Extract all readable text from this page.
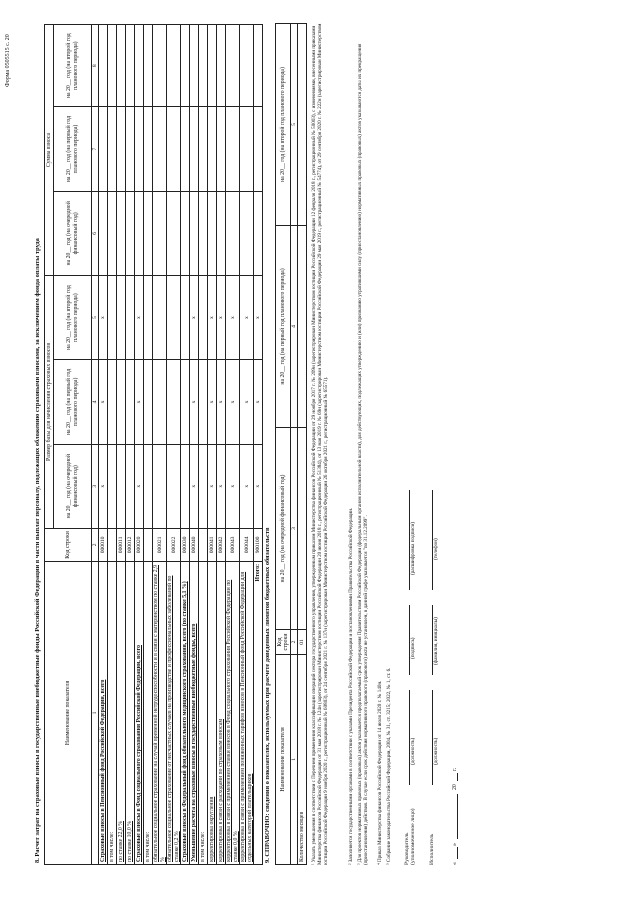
Форма 0505515 с. 20
8. Расчет затрат на страховые взносы в государственные внебюджетные фонды Российской Федерации в части выплат персоналу, подлежащих обложению страховыми взносами, за исключением фонда оплаты труда	Наименование показателя	Код строки	Размер базы для начисления страховых взносов			Сумма взноса		
		на 20__ год (на очередной финансовый год)	на 20__ год (на первый год планового периода)	на 20__ год (на второй год планового периода)	на 20__ год (на очередной финансовый год)	на 20__ год (на первый год планового периода)	на 20__ год (на второй год планового периода)
1	2	3	4	5	6	7	8
Страховые взносы в Пенсионный фонд Российской Федерации, всего	000010	x	x	x			
в том числе:							
по ставке 22,0 %	000011						
по ставке 10,0 %	000012						
Страховые взносы в Фонд социального страхования Российской Федерации, всего	000020	x	x	x			
в том числе:							
обязательное социальное страхование на случай временной нетрудоспособности и в связи с материнством по ставке 2,9 %	000021						
обязательное социальное страхование от несчастных случаев на производстве и профессиональных заболеваний по ставке 0,2 %	000022						
Страховые взносы в Федеральный фонд обязательного медицинского страхования, всего (по ставке 5,1 %)	000030						
Уменьшение расчета на страховые взносы в государственные внебюджетные фонды, всего	000040	x	x	x			
в том числе:							
корректировка округления	000041	x	x	x			
корректировка в связи с расходами по страховым взносам	000042	x	x	x			
корректировка в связи с применением ставки взносов в Фонд социального страхования Российской Федерации по ставке 0,0 %	000043	x	x	x			
корректировка в связи с применением пониженных тарифов взносов в Пенсионный фонд Российской Федерации для отдельных категорий плательщиков	000044	x	x	x			
Итого:	900100	x	x	x			
9. СПРАВОЧНО: сведения о показателях, используемых при расчете доведенных лимитов бюджетных обязательств Наименование показателя	Код строки	на 20__ год (на очередной финансовый год)	на 20__ год (на первый год планового периода)	на 20__ год (на второй год планового периода)
1	2	3	4	5
Количество месяцев	01			¹ Указать уменьшения в соответствии с Перечнем применения классификации операций сектора государственного управления, утвержденным приказом Министерства финансов Российской Федерации от 29 ноября 2017 г. № 209н (зарегистрирован Министерством юстиции Российской Федерации 12 февраля 2018 г., регистрационный № 50003), с изменениями, внесенными приказами Министерства финансов Российской Федерации от 31 мая 2018 г. № 124н (зарегистрирован Министерством юстиции Российской Федерации 20 июня 2018 г., регистрационный № 51384), от 13 мая 2019 г. № 69н (зарегистрирован Министерством юстиции Российской Федерации 29 мая 2019 г., регистрационный № 54774), от 29 сентября 2020 г. № 222н (зарегистрирован Министерством юстиции Российской Федерации 9 ноября 2020 г., регистрационный № 60803), от 24 сентября 2021 г. № 137н (зарегистрирован Министерством юстиции Российской Федерации 26 октября 2021 г., регистрационный № 65571).	² Заполняется государственными органами в соответствии с указами Президента Российской Федерации и постановлениями Правительства Российской Федерации. ³ Для проектов нормативных правовых (правовых) актов указывается предполагаемый срок утверждения Правительством Российской Федерации (федеральным органом исполнительной власти), для действующих, подлежащих утверждению и (или) признанию утратившими силу (приостановлению) нормативных правовых (правовых) актов указываются даты их прекращения (приостановления) действия. В случае если срок действия нормативного правового (правового) акта не установлен, в данной графе указывается "по 31.12.2099". ⁴ Приказ Министерства финансов Российской Федерации от 14 июля 2020 г. № 140н. ⁵ Собрание законодательства Российской Федерации, 2004, № 31, ст. 3215; 2022, № 1, ст. 6. Руководитель (уполномоченное лицо)
(должность)
(подпись)
(расшифровка подписи)
Исполнитель
(должность)
(фамилия, инициалы)
(телефон)
«
»
20
г.
